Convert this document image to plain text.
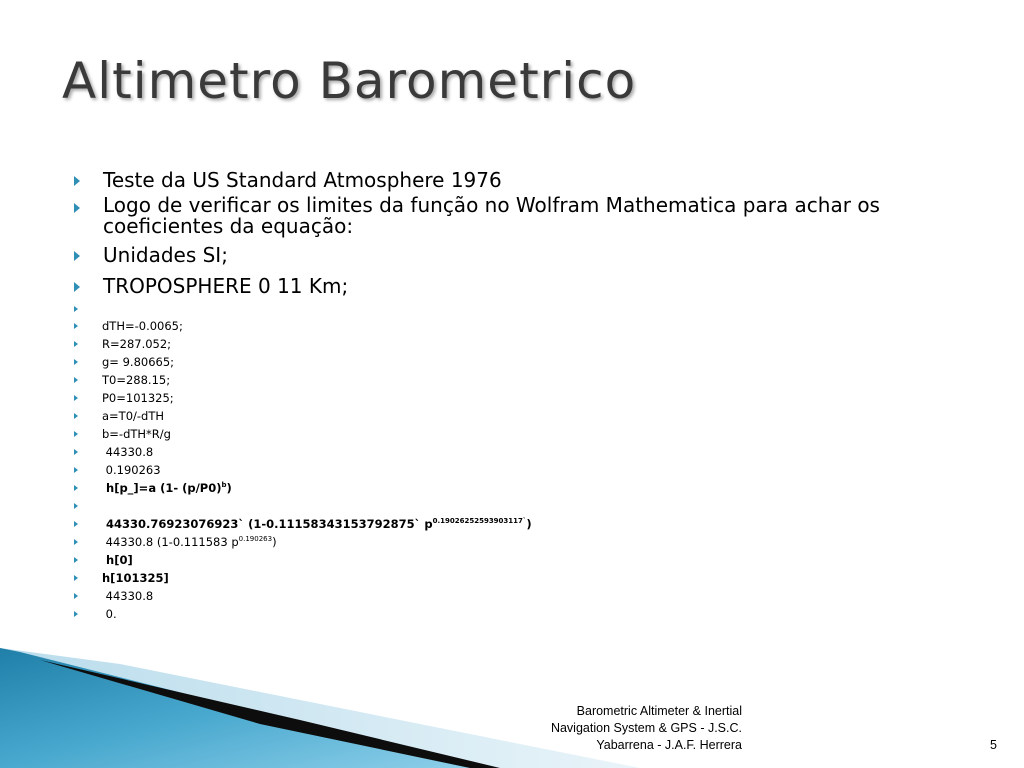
Altimetro Barometrico
Teste da US Standard Atmosphere 1976
Logo de verificar os limites da função no Wolfram Mathematica para achar os coeficientes da equação:
Unidades SI;
TROPOSPHERE 0 11 Km;
dTH=-0.0065;
R=287.052;
g= 9.80665;
T0=288.15;
P0=101325;
a=T0/-dTH
b=-dTH*R/g
44330.8
0.190263
h[p_]=a (1- $(p/P0)^b$)
44330.76923076923` (1-0.11158343153792875` $p^{0.19026252593903117`}$)
44330.8 (1-0.111583 $p^{0.190263}$)
h[0]
h[101325]
44330.8
0.
Barometric Altimeter & Inertial
Navigation System & GPS - J.S.C.
Yabarrena - J.A.F. Herrera	5
